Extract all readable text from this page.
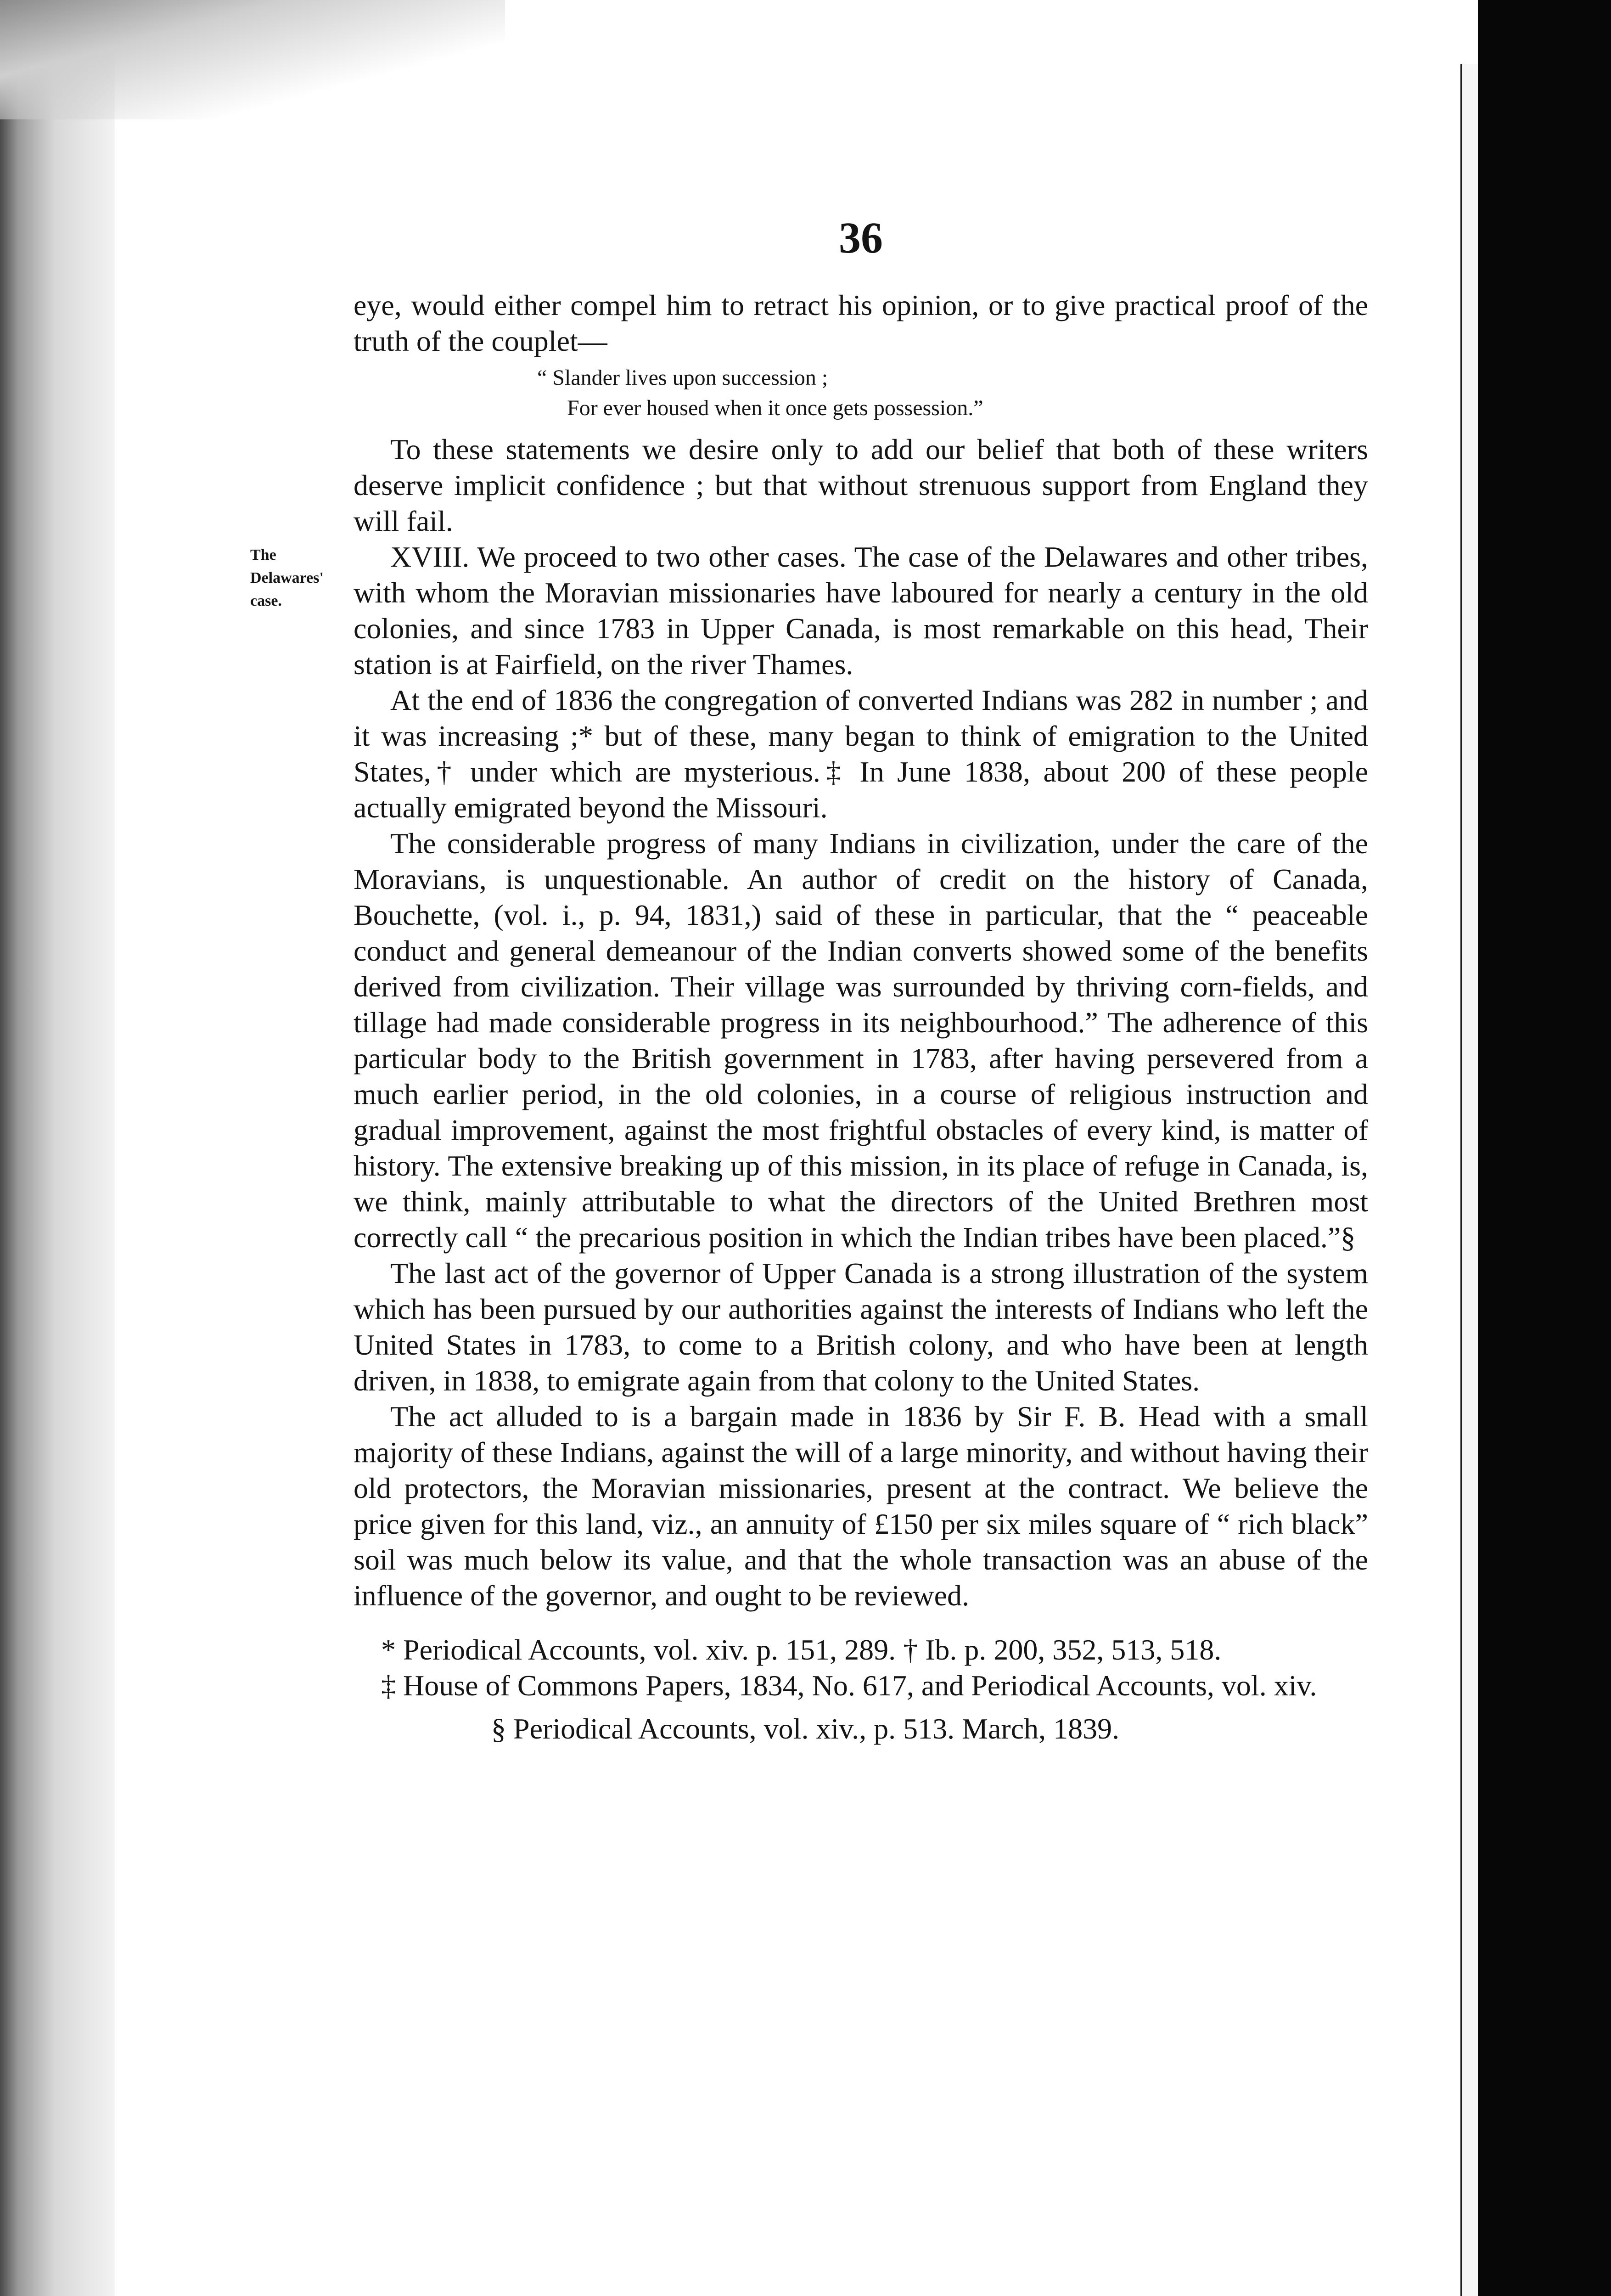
36

eye, would either compel him to retract his opinion, or to give practical proof of the truth of the couplet—

“ Slander lives upon succession ;
For ever housed when it once gets possession.”

To these statements we desire only to add our belief that both of these writers deserve implicit confidence ; but that without strenuous support from England they will fail.

The Delawares' case.

XVIII. We proceed to two other cases. The case of the Delawares and other tribes, with whom the Moravian missionaries have laboured for nearly a century in the old colonies, and since 1783 in Upper Canada, is most remarkable on this head, Their station is at Fairfield, on the river Thames.

At the end of 1836 the congregation of converted Indians was 282 in number ; and it was increasing ;* but of these, many began to think of emigration to the United States,† under which are mysterious.‡ In June 1838, about 200 of these people actually emigrated beyond the Missouri.

The considerable progress of many Indians in civilization, under the care of the Moravians, is unquestionable. An author of credit on the history of Canada, Bouchette, (vol. i., p. 94, 1831,) said of these in particular, that the “ peaceable conduct and general demeanour of the Indian converts showed some of the benefits derived from civilization. Their village was surrounded by thriving corn-fields, and tillage had made considerable progress in its neighbourhood.” The adherence of this particular body to the British government in 1783, after having persevered from a much earlier period, in the old colonies, in a course of religious instruction and gradual improvement, against the most frightful obstacles of every kind, is matter of history. The extensive breaking up of this mission, in its place of refuge in Canada, is, we think, mainly attributable to what the directors of the United Brethren most correctly call “ the precarious position in which the Indian tribes have been placed.”§

The last act of the governor of Upper Canada is a strong illustration of the system which has been pursued by our authorities against the interests of Indians who left the United States in 1783, to come to a British colony, and who have been at length driven, in 1838, to emigrate again from that colony to the United States.

The act alluded to is a bargain made in 1836 by Sir F. B. Head with a small majority of these Indians, against the will of a large minority, and without having their old protectors, the Moravian missionaries, present at the contract. We believe the price given for this land, viz., an annuity of £150 per six miles square of “ rich black” soil was much below its value, and that the whole transaction was an abuse of the influence of the governor, and ought to be reviewed.

* Periodical Accounts, vol. xiv. p. 151, 289. † Ib. p. 200, 352, 513, 518.

‡ House of Commons Papers, 1834, No. 617, and Periodical Accounts, vol. xiv.

§ Periodical Accounts, vol. xiv., p. 513. March, 1839.
